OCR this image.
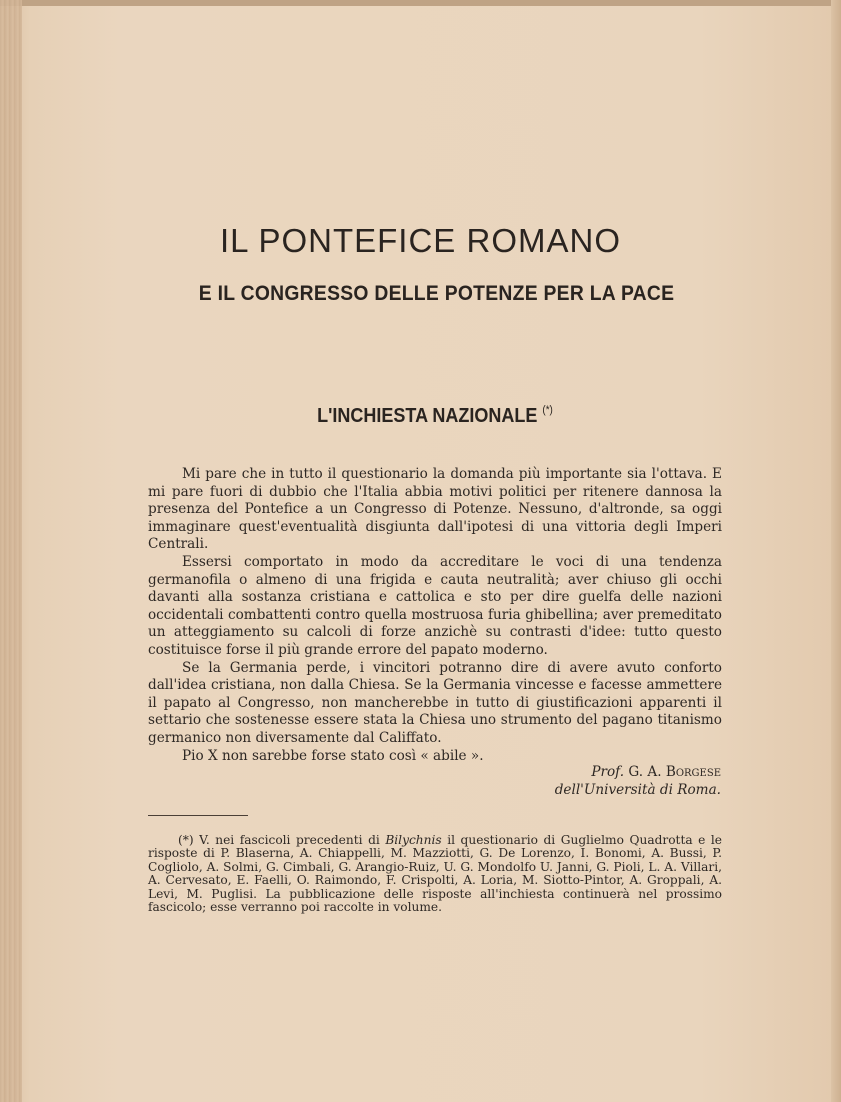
IL PONTEFICE ROMANO
E IL CONGRESSO DELLE POTENZE PER LA PACE
L'INCHIESTA NAZIONALE (*)

Mi pare che in tutto il questionario la domanda più importante sia l'ottava. E mi pare fuori di dubbio che l'Italia abbia motivi politici per ritenere dannosa la presenza del Pontefice a un Congresso di Potenze. Nessuno, d'altronde, sa oggi immaginare quest'eventualità disgiunta dall'ipotesi di una vittoria degli Imperi Centrali.

Essersi comportato in modo da accreditare le voci di una tendenza germanofila o almeno di una frigida e cauta neutralità; aver chiuso gli occhi davanti alla sostanza cristiana e cattolica e sto per dire guelfa delle nazioni occidentali combattenti contro quella mostruosa furia ghibellina; aver premeditato un atteggiamento su calcoli di forze anzichè su contrasti d'idee: tutto questo costituisce forse il più grande errore del papato moderno.

Se la Germania perde, i vincitori potranno dire di avere avuto conforto dall'idea cristiana, non dalla Chiesa. Se la Germania vincesse e facesse ammettere il papato al Congresso, non mancherebbe in tutto di giustificazioni apparenti il settario che sostenesse essere stata la Chiesa uno strumento del pagano titanismo germanico non diversamente dal Califfato.

Pio X non sarebbe forse stato così « abile ».

Prof. G. A. Borgese
dell'Università di Roma.

(*) V. nei fascicoli precedenti di Bilychnis il questionario di Guglielmo Quadrotta e le risposte di P. Blaserna, A. Chiappelli, M. Mazziotti, G. De Lorenzo, I. Bonomi, A. Bussi, P. Cogliolo, A. Solmi, G. Cimbali, G. Arangio-Ruiz, U. G. Mondolfo U. Janni, G. Pioli, L. A. Villari, A. Cervesato, E. Faelli, O. Raimondo, F. Crispolti, A. Loria, M. Siotto-Pintor, A. Groppali, A. Levi, M. Puglisi. La pubblicazione delle risposte all'inchiesta continuerà nel prossimo fascicolo; esse verranno poi raccolte in volume.
